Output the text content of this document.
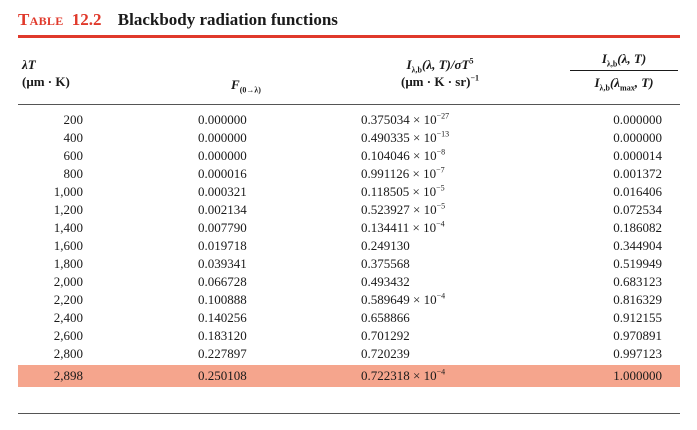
Table 12.2 Blackbody radiation functions
λT
(μm · K)	$F_{(0\to\lambda)}$
$I_{\lambda,b}(\lambda$, $T)/\sigma T^5$
(μm · K · sr)$^{-1}$
$I_{\lambda,b}(\lambda$, T)
$I_{\lambda,b}(\lambda_{max}$, T)
200	0.000000	$0.375034 \times 10^{-27}$	0.000000
400	0.000000	$0.490335 \times 10^{-13}$	0.000000
600	0.000000	$0.104046 \times 10^{-8}$	0.000014
800	0.000016	$0.991126 \times 10^{-7}$	0.001372
1,000	0.000321	$0.118505 \times 10^{-5}$	0.016406
1,200	0.002134	$0.523927 \times 10^{-5}$	0.072534
1,400	0.007790	$0.134411 \times 10^{-4}$	0.186082
1,600	0.019718	0.249130	0.344904
1,800	0.039341	0.375568	0.519949
2,000	0.066728	0.493432	0.683123
2,200	0.100888	$0.589649 \times 10^{-4}$	0.816329
2,400	0.140256	0.658866	0.912155
2,600	0.183120	0.701292	0.970891
2,800	0.227897	0.720239	0.997123
2,898	0.250108	$0.722318 \times 10^{-4}$	1.000000
